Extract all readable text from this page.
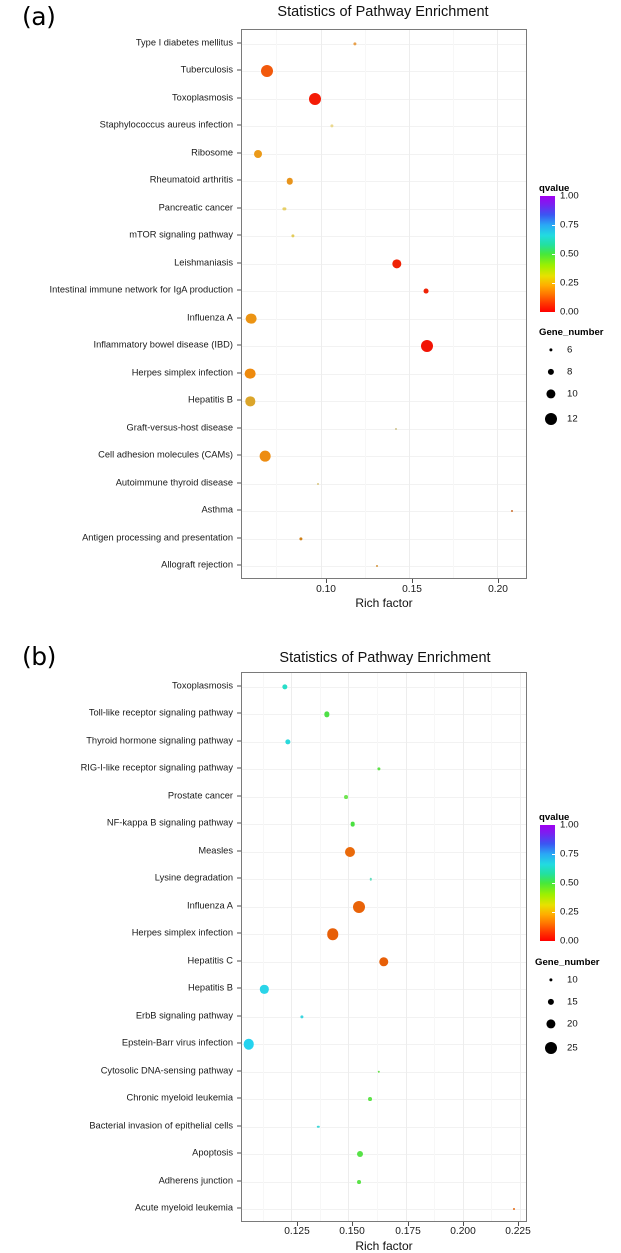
(a)	Statistics of Pathway Enrichment
Type I diabetes mellitus
Tuberculosis
Toxoplasmosis
Staphylococcus aureus infection
Ribosome
Rheumatoid arthritis
Pancreatic cancer
mTOR signaling pathway
Leishmaniasis
Intestinal immune network for IgA production
Influenza A
Inflammatory bowel disease (IBD)
Herpes simplex infection
Hepatitis B
Graft-versus-host disease
Cell adhesion molecules (CAMs)
Autoimmune thyroid disease
Asthma
Antigen processing and presentation
Allograft rejection
0.10	0.15	0.20
Rich factor
qvalue
1.00
0.75
0.50
0.25
0.00
Gene_number
6
8
10
12
(b)	Statistics of Pathway Enrichment
Toxoplasmosis
Toll-like receptor signaling pathway
Thyroid hormone signaling pathway
RIG-I-like receptor signaling pathway
Prostate cancer
NF-kappa B signaling pathway
Measles
Lysine degradation
Influenza A
Herpes simplex infection
Hepatitis C
Hepatitis B
ErbB signaling pathway
Epstein-Barr virus infection
Cytosolic DNA-sensing pathway
Chronic myeloid leukemia
Bacterial invasion of epithelial cells
Apoptosis
Adherens junction
Acute myeloid leukemia
0.125	0.150	0.175	0.200	0.225
Rich factor
qvalue
1.00
0.75
0.50
0.25
0.00
Gene_number
10
15
20
25
